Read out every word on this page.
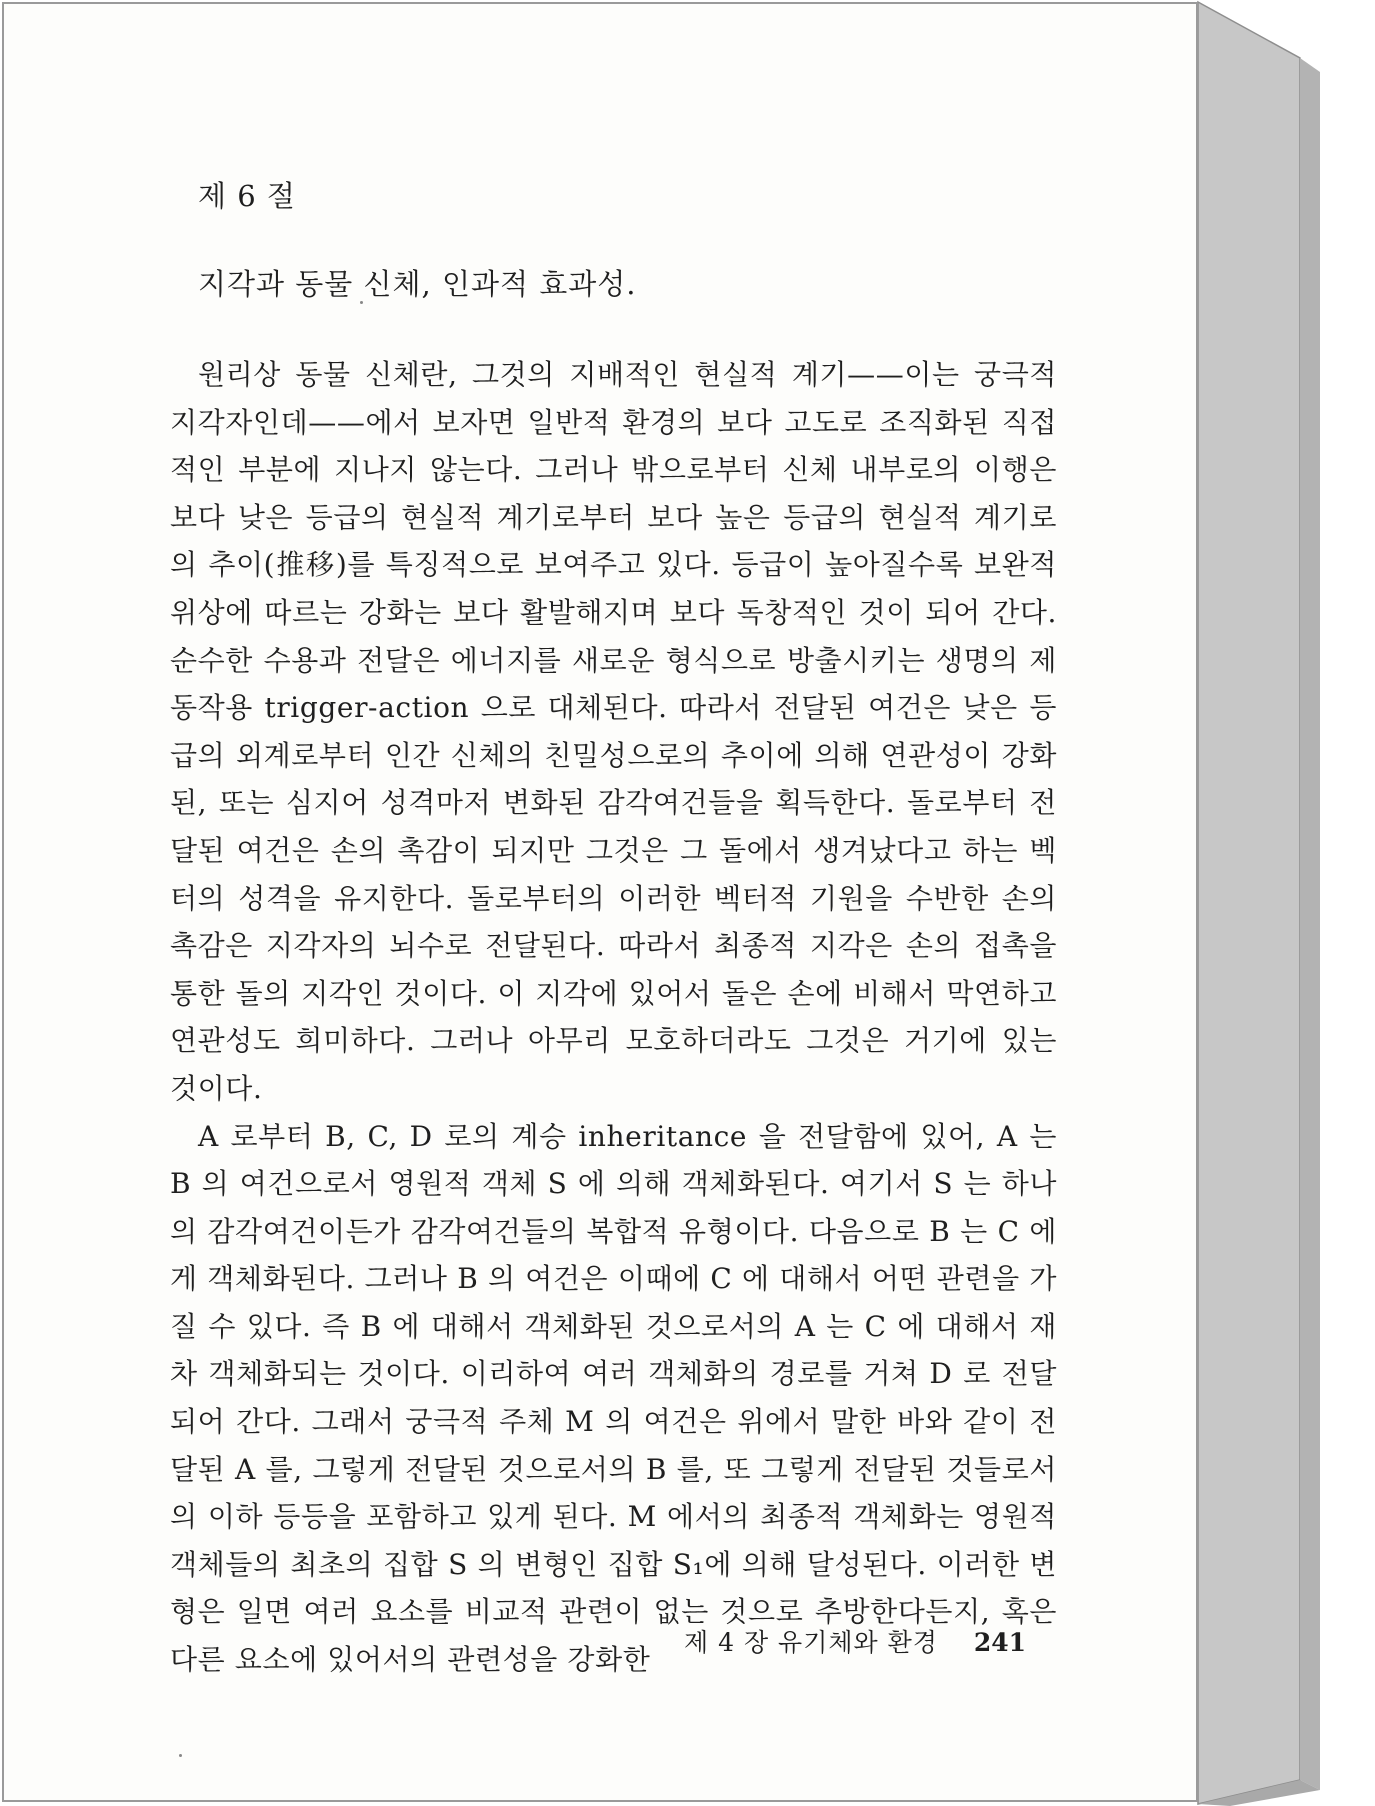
제 6 절
지각과 동물 신체, 인과적 효과성.

원리상 동물 신체란, 그것의 지배적인 현실적 계기——이는 궁극적 지각자인데——에서 보자면 일반적 환경의 보다 고도로 조직화된 직접적인 부분에 지나지 않는다. 그러나 밖으로부터 신체 내부로의 이행은 보다 낮은 등급의 현실적 계기로부터 보다 높은 등급의 현실적 계기로의 추이(推移)를 특징적으로 보여주고 있다. 등급이 높아질수록 보완적 위상에 따르는 강화는 보다 활발해지며 보다 독창적인 것이 되어 간다. 순수한 수용과 전달은 에너지를 새로운 형식으로 방출시키는 생명의 제동작용 trigger-action 으로 대체된다. 따라서 전달된 여건은 낮은 등급의 외계로부터 인간 신체의 친밀성으로의 추이에 의해 연관성이 강화된, 또는 심지어 성격마저 변화된 감각여건들을 획득한다. 돌로부터 전달된 여건은 손의 촉감이 되지만 그것은 그 돌에서 생겨났다고 하는 벡터의 성격을 유지한다. 돌로부터의 이러한 벡터적 기원을 수반한 손의 촉감은 지각자의 뇌수로 전달된다. 따라서 최종적 지각은 손의 접촉을 통한 돌의 지각인 것이다. 이 지각에 있어서 돌은 손에 비해서 막연하고 연관성도 희미하다. 그러나 아무리 모호하더라도 그것은 거기에 있는 것이다.

A 로부터 B, C, D 로의 계승 inheritance 을 전달함에 있어, A 는 B 의 여건으로서 영원적 객체 S 에 의해 객체화된다. 여기서 S 는 하나의 감각여건이든가 감각여건들의 복합적 유형이다. 다음으로 B 는 C 에게 객체화된다. 그러나 B 의 여건은 이때에 C 에 대해서 어떤 관련을 가질 수 있다. 즉 B 에 대해서 객체화된 것으로서의 A 는 C 에 대해서 재차 객체화되는 것이다. 이리하여 여러 객체화의 경로를 거쳐 D 로 전달되어 간다. 그래서 궁극적 주체 M 의 여건은 위에서 말한 바와 같이 전달된 A 를, 그렇게 전달된 것으로서의 B 를, 또 그렇게 전달된 것들로서의 이하 등등을 포함하고 있게 된다. M 에서의 최종적 객체화는 영원적 객체들의 최초의 집합 S 의 변형인 집합 S₁에 의해 달성된다. 이러한 변형은 일면 여러 요소를 비교적 관련이 없는 것으로 추방한다든지, 혹은 다른 요소에 있어서의 관련성을 강화한

제 4 장 유기체와 환경 241
